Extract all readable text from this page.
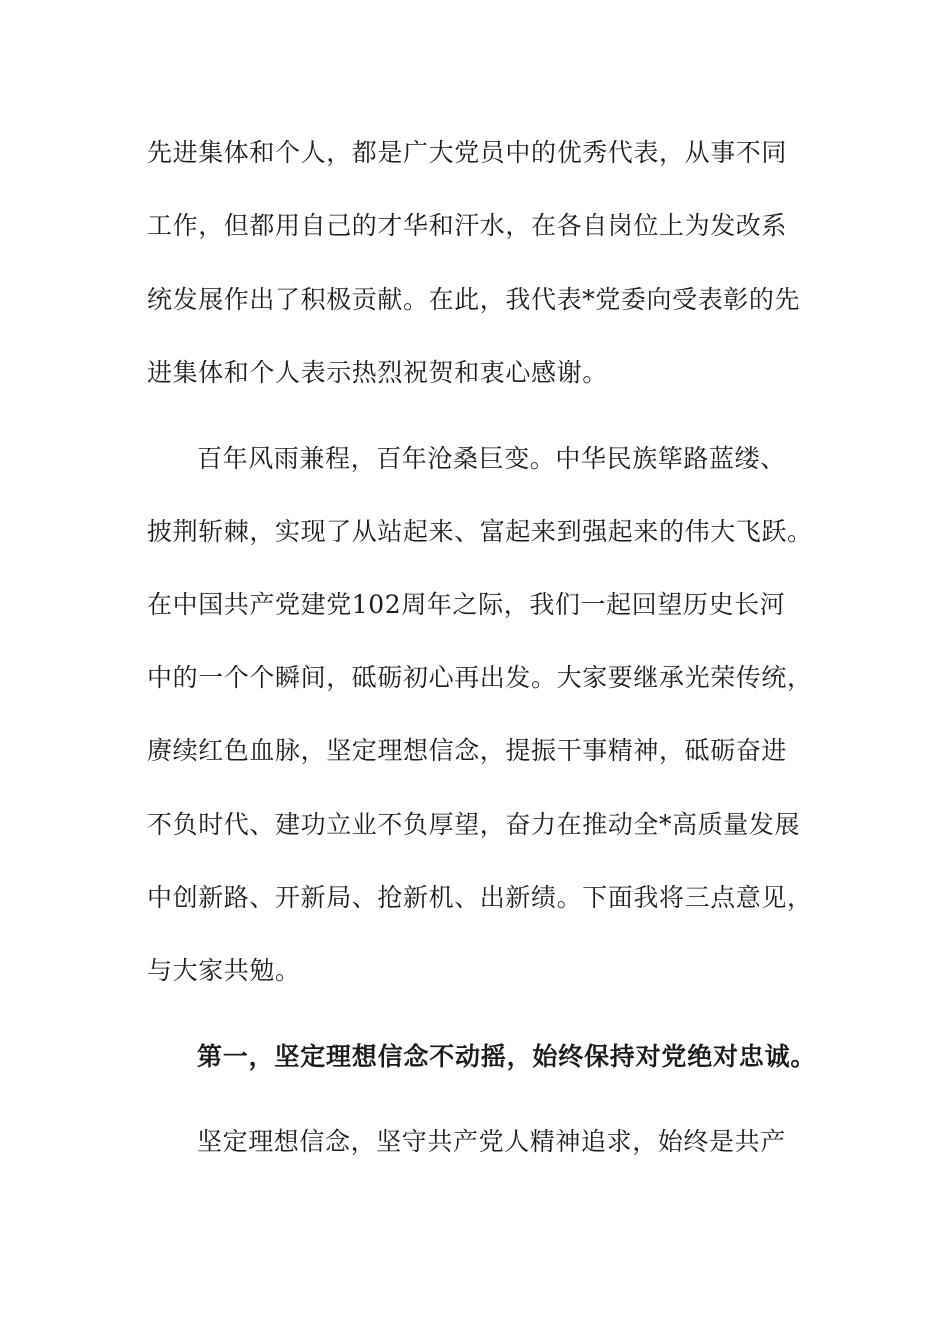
先进集体和个人，都是广大党员中的优秀代表，从事不同
工作，但都用自己的才华和汗水，在各自岗位上为发改系
统发展作出了积极贡献。在此，我代表*党委向受表彰的先
进集体和个人表示热烈祝贺和衷心感谢。
百年风雨兼程，百年沧桑巨变。中华民族筚路蓝缕、
披荆斩棘，实现了从站起来、富起来到强起来的伟大飞跃。
在中国共产党建党102周年之际，我们一起回望历史长河
中的一个个瞬间，砥砺初心再出发。大家要继承光荣传统，
赓续红色血脉，坚定理想信念，提振干事精神，砥砺奋进
不负时代、建功立业不负厚望，奋力在推动全*高质量发展
中创新路、开新局、抢新机、出新绩。下面我将三点意见，
与大家共勉。
第一，坚定理想信念不动摇，始终保持对党绝对忠诚。
坚定理想信念，坚守共产党人精神追求，始终是共产
